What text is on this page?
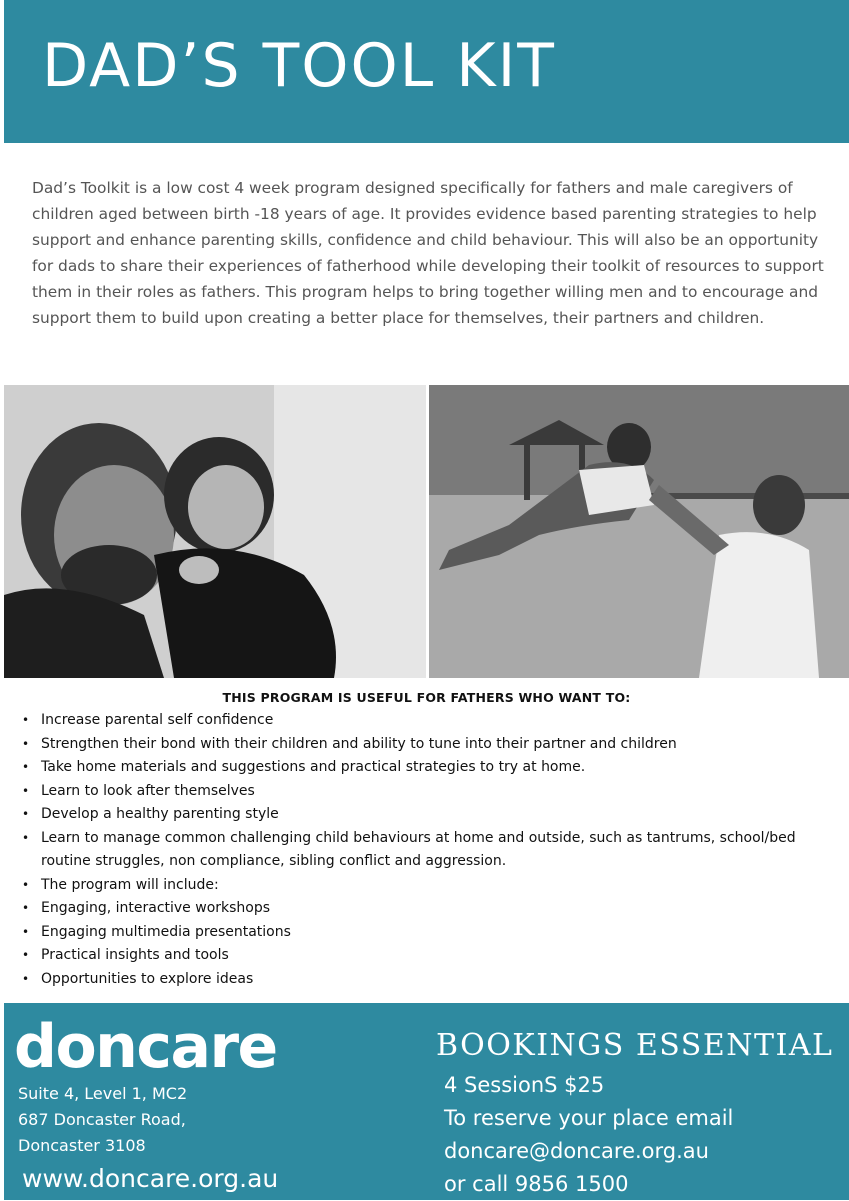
DAD’S TOOL KIT

Dad’s Toolkit is a low cost 4 week program designed specifically for fathers and male caregivers of children aged between birth -18 years of age. It provides evidence based parenting strategies to help support and enhance parenting skills, confidence and child behaviour. This will also be an opportunity for dads to share their experiences of fatherhood while developing their toolkit of resources to support them in their roles as fathers. This program helps to bring together willing men and to encourage and support them to build upon creating a better place for themselves, their partners and children.

THIS PROGRAM IS USEFUL FOR FATHERS WHO WANT TO:
• Increase parental self confidence
• Strengthen their bond with their children and ability to tune into their partner and children
• Take home materials and suggestions and practical strategies to try at home.
• Learn to look after themselves
• Develop a healthy parenting style
• Learn to manage common challenging child behaviours at home and outside, such as tantrums, school/bed routine struggles, non compliance, sibling conflict and aggression.
• The program will include:
• Engaging, interactive workshops
• Engaging multimedia presentations
• Practical insights and tools
• Opportunities to explore ideas
doncare
Suite 4, Level 1, MC2
687 Doncaster Road,
Doncaster 3108
www.doncare.org.au
BOOKINGS ESSENTIAL
4 SessionS $25
To reserve your place email
doncare@doncare.org.au
or call 9856 1500
